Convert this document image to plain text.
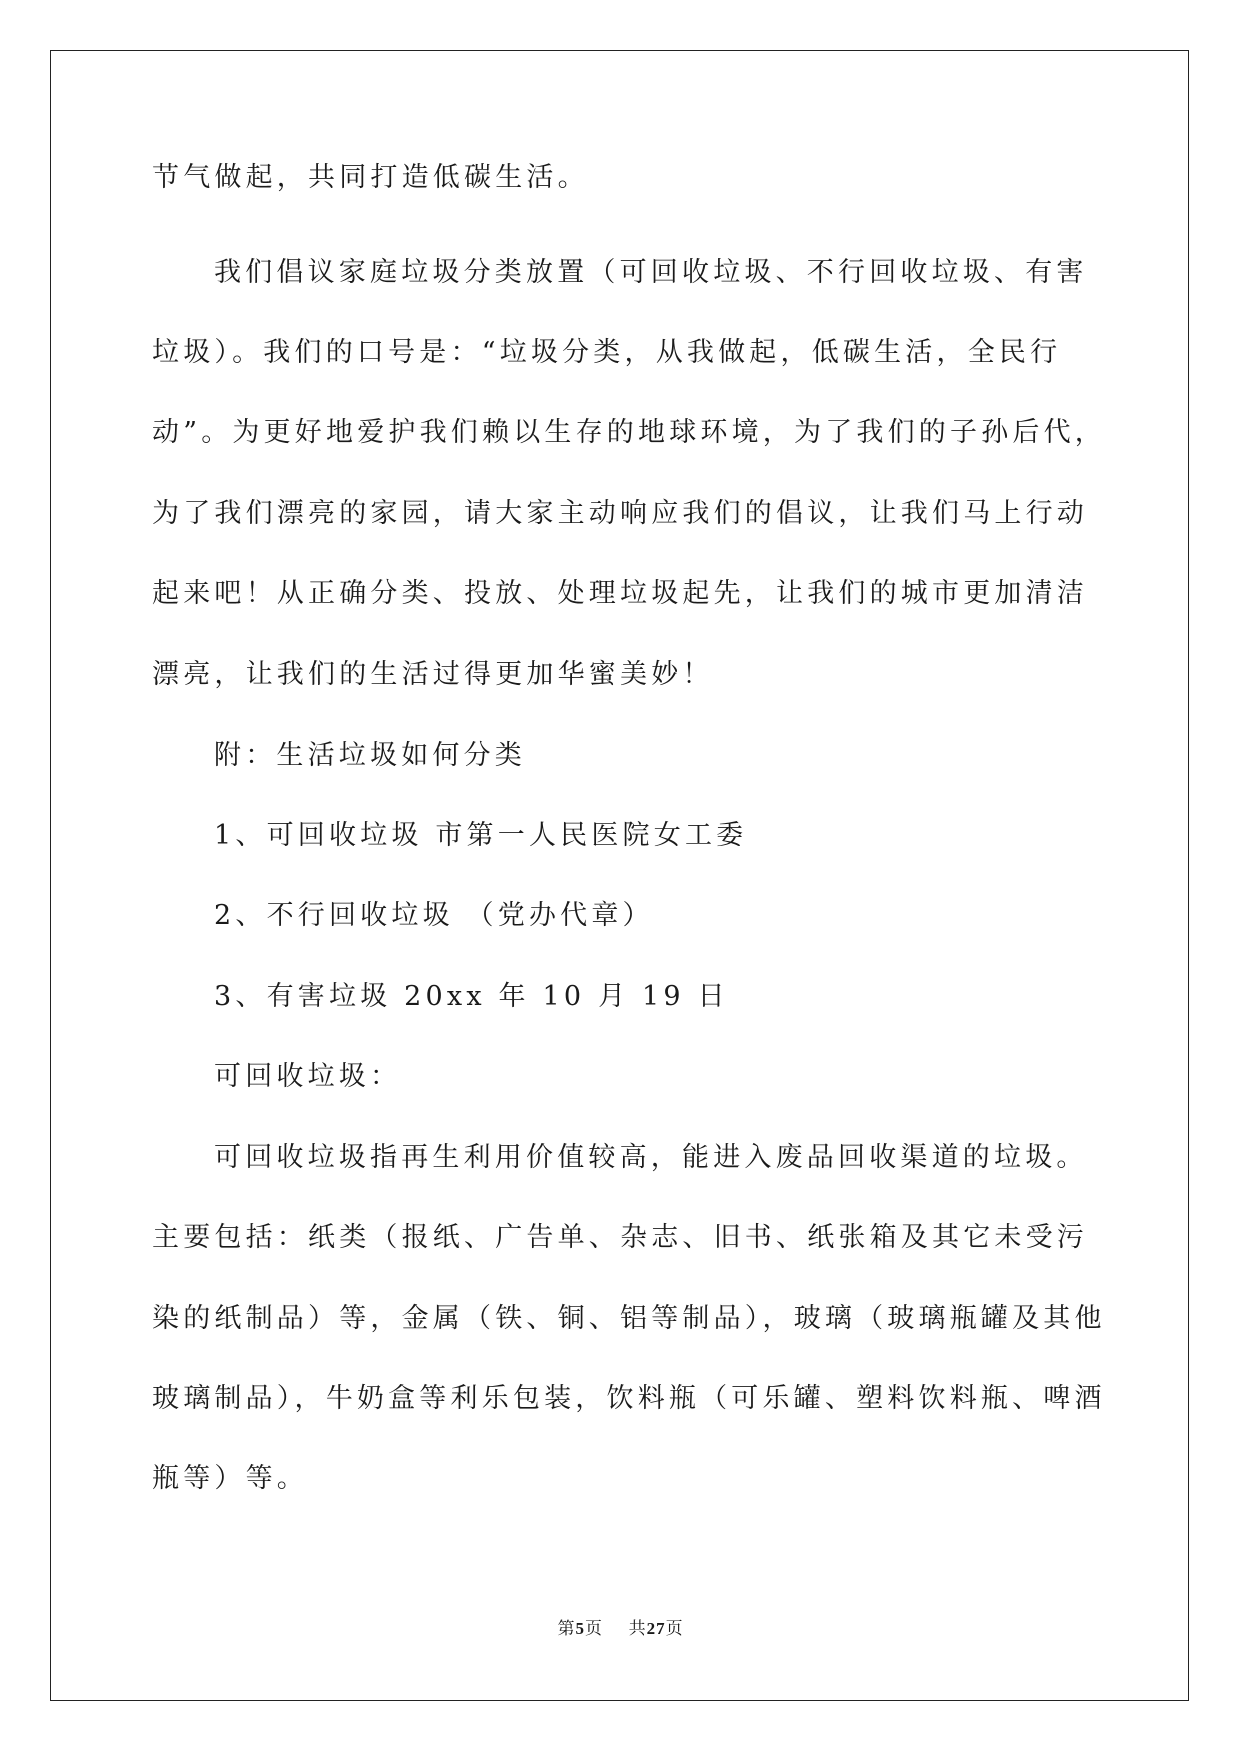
节气做起，共同打造低碳生活。
我们倡议家庭垃圾分类放置（可回收垃圾、不行回收垃圾、有害
垃圾）。我们的口号是：“垃圾分类，从我做起，低碳生活，全民行
动”。为更好地爱护我们赖以生存的地球环境，为了我们的子孙后代，
为了我们漂亮的家园，请大家主动响应我们的倡议，让我们马上行动
起来吧！从正确分类、投放、处理垃圾起先，让我们的城市更加清洁
漂亮，让我们的生活过得更加华蜜美妙！
附：生活垃圾如何分类
1、可回收垃圾 市第一人民医院女工委
2、不行回收垃圾 （党办代章）
3、有害垃圾 20xx 年 10 月 19 日
可回收垃圾：
可回收垃圾指再生利用价值较高，能进入废品回收渠道的垃圾。
主要包括：纸类（报纸、广告单、杂志、旧书、纸张箱及其它未受污
染的纸制品）等，金属（铁、铜、铝等制品），玻璃（玻璃瓶罐及其他
玻璃制品），牛奶盒等利乐包装，饮料瓶（可乐罐、塑料饮料瓶、啤酒
瓶等）等。
第5页 共27页
